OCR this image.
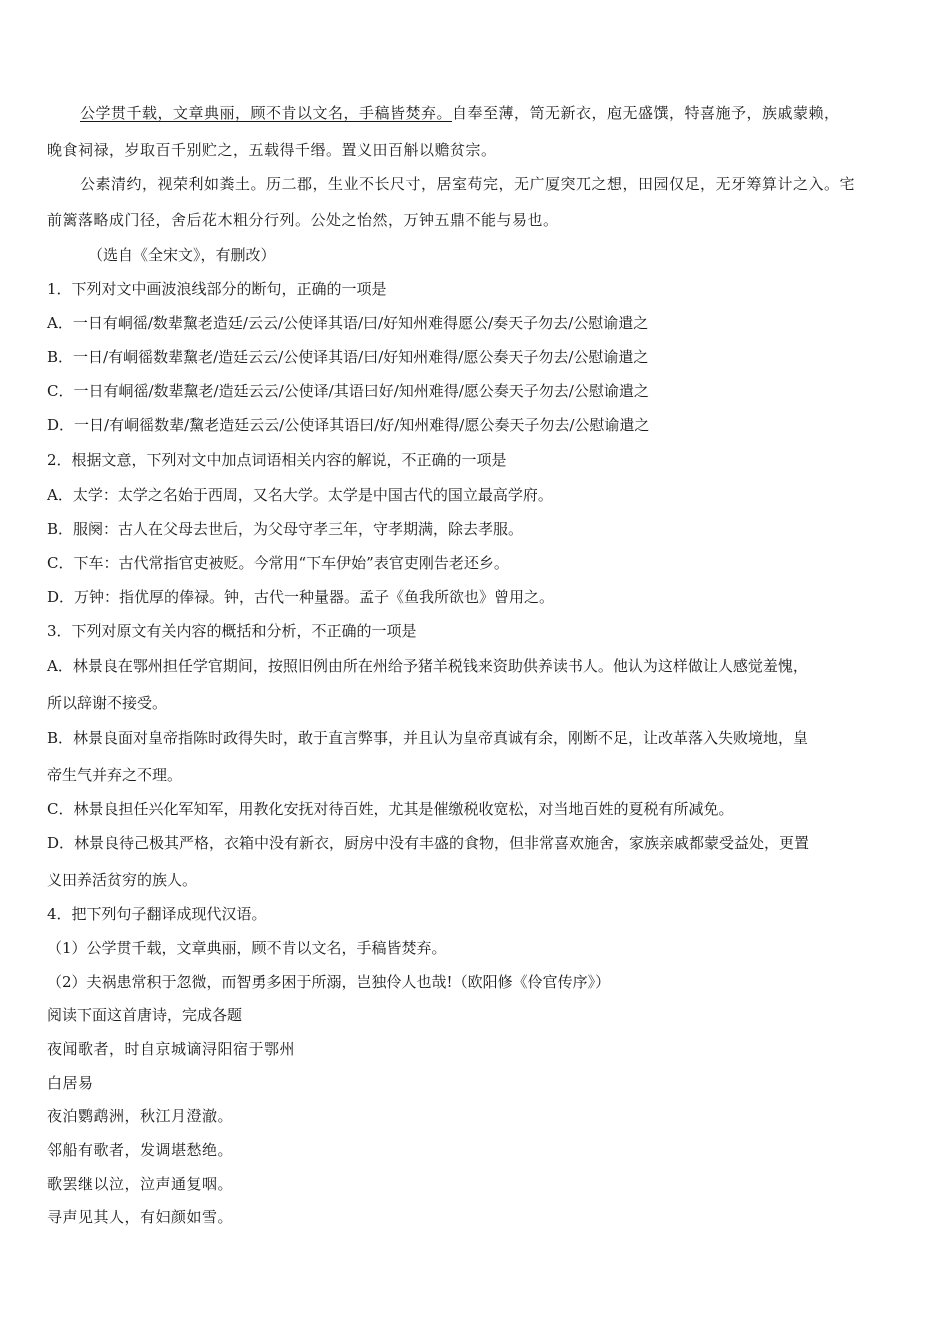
公学贯千载，文章典丽，顾不肯以文名，手稿皆焚弃。自奉至薄，笥无新衣，庖无盛馔，特喜施予，族戚蒙赖，
晚食祠禄，岁取百千别贮之，五载得千缗。置义田百斛以赡贫宗。
公素清约，视荣利如粪土。历二郡，生业不长尺寸，居室苟完，无广厦突兀之想，田园仅足，无牙筹算计之入。宅
前篱落略成门径，舍后花木粗分行列。公处之怡然，万钟五鼎不能与易也。
（选自《全宋文》，有删改）
1．下列对文中画波浪线部分的断句，正确的一项是
A．一日有峒徭/数辈黧老造廷/云云/公使译其语/曰/好知州难得愿公/奏天子勿去/公慰谕遣之
B．一日/有峒徭数辈黧老/造廷云云/公使译其语/曰/好知州难得/愿公奏天子勿去/公慰谕遣之
C．一日有峒徭/数辈黧老/造廷云云/公使译/其语曰好/知州难得/愿公奏天子勿去/公慰谕遣之
D．一日/有峒徭数辈/黧老造廷云云/公使译其语曰/好/知州难得/愿公奏天子勿去/公慰谕遣之
2．根据文意，下列对文中加点词语相关内容的解说，不正确的一项是
A．太学：太学之名始于西周，又名大学。太学是中国古代的国立最高学府。
B．服阕：古人在父母去世后，为父母守孝三年，守孝期满，除去孝服。
C．下车：古代常指官吏被贬。今常用“下车伊始”表官吏刚告老还乡。
D．万钟：指优厚的俸禄。钟，古代一种量器。孟子《鱼我所欲也》曾用之。
3．下列对原文有关内容的概括和分析，不正确的一项是
A．林景良在鄂州担任学官期间，按照旧例由所在州给予猪羊税钱来资助供养读书人。他认为这样做让人感觉羞愧，
所以辞谢不接受。
B．林景良面对皇帝指陈时政得失时，敢于直言弊事，并且认为皇帝真诚有余，刚断不足，让改革落入失败境地，皇
帝生气并弃之不理。
C．林景良担任兴化军知军，用教化安抚对待百姓，尤其是催缴税收宽松，对当地百姓的夏税有所减免。
D．林景良待己极其严格，衣箱中没有新衣，厨房中没有丰盛的食物，但非常喜欢施舍，家族亲戚都蒙受益处，更置
义田养活贫穷的族人。
4．把下列句子翻译成现代汉语。
（1）公学贯千载，文章典丽，顾不肯以文名，手稿皆焚弃。
（2）夫祸患常积于忽微，而智勇多困于所溺，岂独伶人也哉!（欧阳修《伶官传序》）
阅读下面这首唐诗，完成各题
夜闻歌者，时自京城谪浔阳宿于鄂州
白居易
夜泊鹦鹉洲，秋江月澄澈。
邻船有歌者，发调堪愁绝。
歌罢继以泣，泣声通复咽。
寻声见其人，有妇颜如雪。
